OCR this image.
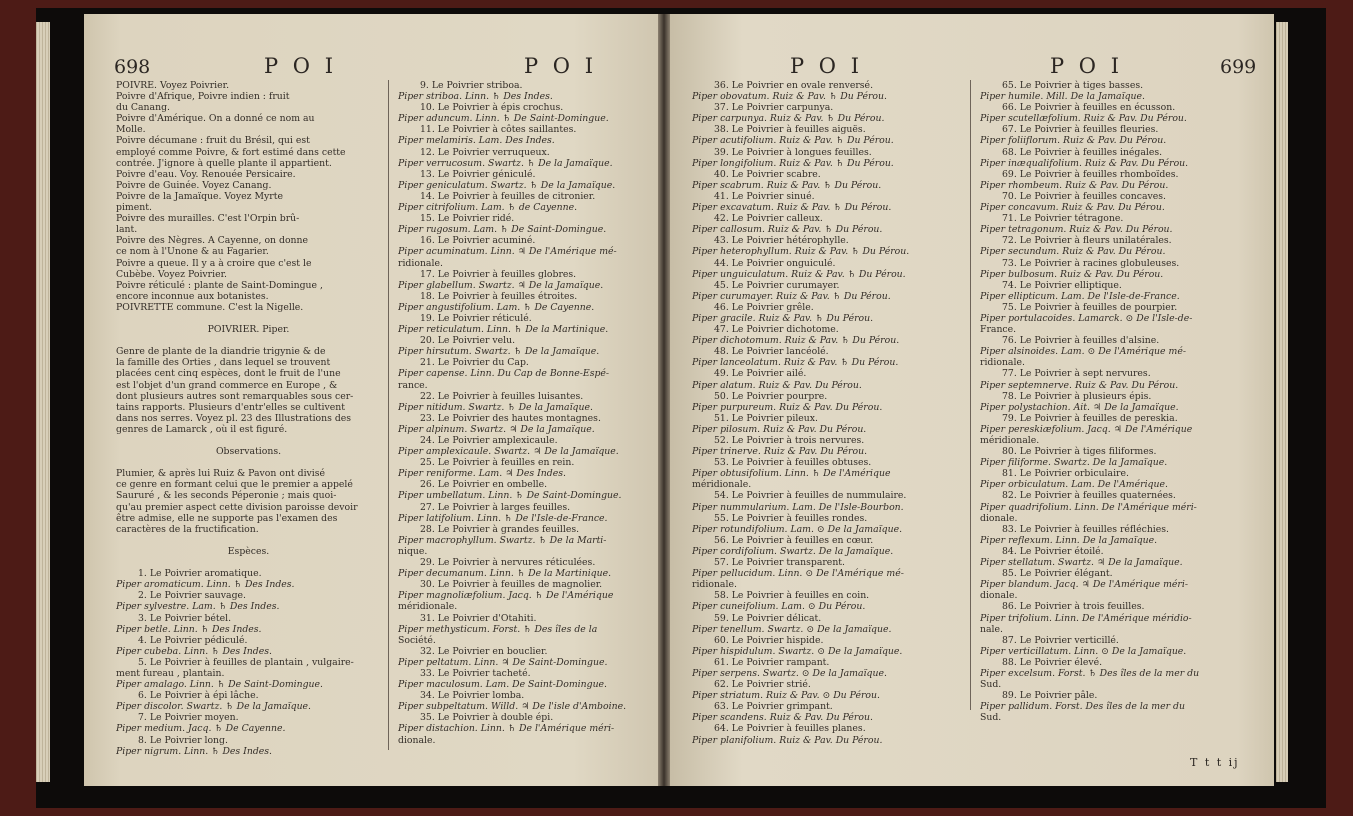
698	P O I	P O I
POIVRE. Voyez Poivrier.
Poivre d'Afrique, Poivre indien : fruit
du Canang.
Poivre d'Amérique. On a donné ce nom au
Molle.
Poivre décumane : fruit du Brésil, qui est
employé comme Poivre, & fort estimé dans cette
contrée. J'ignore à quelle plante il appartient.
Poivre d'eau. Voy. Renouée Persicaire.
Poivre de Guinée. Voyez Canang.
Poivre de la Jamaïque. Voyez Myrte
piment.
Poivre des murailles. C'est l'Orpin brû-
lant.
Poivre des Nègres. A Cayenne, on donne
ce nom à l'Unone & au Fagarier.
Poivre a queue. Il y a à croire que c'est le
Cubèbe. Voyez Poivrier.
Poivre réticulé : plante de Saint-Domingue ,
encore inconnue aux botanistes.
POIVRETTE commune. C'est la Nigelle.

POIVRIER. Piper.

Genre de plante de la diandrie trigynie & de
la famille des Orties , dans lequel se trouvent
placées cent cinq espèces, dont le fruit de l'une
est l'objet d'un grand commerce en Europe , &
dont plusieurs autres sont remarquables sous cer-
tains rapports. Plusieurs d'entr'elles se cultivent
dans nos serres. Voyez pl. 23 des Illustrations des
genres de Lamarck , où il est figuré.

Observations.

Plumier, & après lui Ruiz & Pavon ont divisé
ce genre en formant celui que le premier a appelé
Saururé , & les seconds Péperonie ; mais quoi-
qu'au premier aspect cette division paroisse devoir
être admise, elle ne supporte pas l'examen des
caractères de la fructification.

Espèces.

1. Le Poivrier aromatique.
Piper aromaticum. Linn. ♄ Des Indes.
2. Le Poivrier sauvage.
Piper sylvestre. Lam. ♄ Des Indes.
3. Le Poivrier bétel.
Piper betle. Linn. ♄ Des Indes.
4. Le Poivrier pédiculé.
Piper cubeba. Linn. ♄ Des Indes.
5. Le Poivrier à feuilles de plantain , vulgaire-
ment fureau , plantain.
Piper amalago. Linn. ♄ De Saint-Domingue.
6. Le Poivrier à épi lâche.
Piper discolor. Swartz. ♄ De la Jamaïque.
7. Le Poivrier moyen.
Piper medium. Jacq. ♄ De Cayenne.
8. Le Poivrier long.
Piper nigrum. Linn. ♄ Des Indes.
9. Le Poivrier striboa.
Piper striboa. Linn. ♄ Des Indes.
10. Le Poivrier à épis crochus.
Piper aduncum. Linn. ♄ De Saint-Domingue.
11. Le Poivrier à côtes saillantes.
Piper melamiris. Lam. Des Indes.
12. Le Poivrier verruqueux.
Piper verrucosum. Swartz. ♄ De la Jamaïque.
13. Le Poivrier géniculé.
Piper geniculatum. Swartz. ♄ De la Jamaïque.
14. Le Poivrier à feuilles de citronier.
Piper citrifolium. Lam. ♄ de Cayenne.
15. Le Poivrier ridé.
Piper rugosum. Lam. ♄ De Saint-Domingue.
16. Le Poivrier acuminé.
Piper acuminatum. Linn. ♃ De l'Amérique mé-
ridionale.
17. Le Poivrier à feuilles globres.
Piper glabellum. Swartz. ♃ De la Jamaïque.
18. Le Poivrier à feuilles étroites.
Piper angustifolium. Lam. ♄ De Cayenne.
19. Le Poivrier réticulé.
Piper reticulatum. Linn. ♄ De la Martinique.
20. Le Poivrier velu.
Piper hirsutum. Swartz. ♄ De la Jamaïque.
21. Le Poivrier du Cap.
Piper capense. Linn. Du Cap de Bonne-Espé-
rance.
22. Le Poivrier à feuilles luisantes.
Piper nitidum. Swartz. ♄ De la Jamaïque.
23. Le Poivrier des hautes montagnes.
Piper alpinum. Swartz. ♃ De la Jamaïque.
24. Le Poivrier amplexicaule.
Piper amplexicaule. Swartz. ♃ De la Jamaïque.
25. Le Poivrier à feuilles en rein.
Piper reniforme. Lam. ♃ Des Indes.
26. Le Poivrier en ombelle.
Piper umbellatum. Linn. ♄ De Saint-Domingue.
27. Le Poivrier à larges feuilles.
Piper latifolium. Linn. ♄ De l'Isle-de-France.
28. Le Poivrier à grandes feuilles.
Piper macrophyllum. Swartz. ♄ De la Marti-
nique.
29. Le Poivrier à nervures réticulées.
Piper decumanum. Linn. ♄ De la Martinique.
30. Le Poivrier à feuilles de magnolier.
Piper magnoliæfolium. Jacq. ♄ De l'Amérique
méridionale.
31. Le Poivrier d'Otahiti.
Piper methysticum. Forst. ♄ Des îles de la
Société.
32. Le Poivrier en bouclier.
Piper peltatum. Linn. ♃ De Saint-Domingue.
33. Le Poivrier tacheté.
Piper maculosum. Lam. De Saint-Domingue.
34. Le Poivrier lomba.
Piper subpeltatum. Willd. ♃ De l'isle d'Amboine.
35. Le Poivrier à double épi.
Piper distachion. Linn. ♄ De l'Amérique méri-
dionale.
P O I	P O I	699
36. Le Poivrier en ovale renversé.
Piper obovatum. Ruiz & Pav. ♄ Du Pérou.
37. Le Poivrier carpunya.
Piper carpunya. Ruiz & Pav. ♄ Du Pérou.
38. Le Poivrier à feuilles aiguës.
Piper acutifolium. Ruiz & Pav. ♄ Du Pérou.
39. Le Poivrier à longues feuilles.
Piper longifolium. Ruiz & Pav. ♄ Du Pérou.
40. Le Poivrier scabre.
Piper scabrum. Ruiz & Pav. ♄ Du Pérou.
41. Le Poivrier sinué.
Piper excavatum. Ruiz & Pav. ♄ Du Pérou.
42. Le Poivrier calleux.
Piper callosum. Ruiz & Pav. ♄ Du Pérou.
43. Le Poivrier hétérophylle.
Piper heterophyllum. Ruiz & Pav. ♄ Du Pérou.
44. Le Poivrier onguiculé.
Piper unguiculatum. Ruiz & Pav. ♄ Du Pérou.
45. Le Poivrier curumayer.
Piper curumayer. Ruiz & Pav. ♄ Du Pérou.
46. Le Poivrier grêle.
Piper gracile. Ruiz & Pav. ♄ Du Pérou.
47. Le Poivrier dichotome.
Piper dichotomum. Ruiz & Pav. ♄ Du Pérou.
48. Le Poivrier lancéolé.
Piper lanceolatum. Ruiz & Pav. ♄ Du Pérou.
49. Le Poivrier ailé.
Piper alatum. Ruiz & Pav. Du Pérou.
50. Le Poivrier pourpre.
Piper purpureum. Ruiz & Pav. Du Pérou.
51. Le Poivrier pileux.
Piper pilosum. Ruiz & Pav. Du Pérou.
52. Le Poivrier à trois nervures.
Piper trinerve. Ruiz & Pav. Du Pérou.
53. Le Poivrier à feuilles obtuses.
Piper obtusifolium. Linn. ♄ De l'Amérique
méridionale.
54. Le Poivrier à feuilles de nummulaire.
Piper nummularium. Lam. De l'Isle-Bourbon.
55. Le Poivrier à feuilles rondes.
Piper rotundifolium. Lam. ⊙ De la Jamaïque.
56. Le Poivrier à feuilles en cœur.
Piper cordifolium. Swartz. De la Jamaïque.
57. Le Poivrier transparent.
Piper pellucidum. Linn. ⊙ De l'Amérique mé-
ridionale.
58. Le Poivrier à feuilles en coin.
Piper cuneifolium. Lam. ⊙ Du Pérou.
59. Le Poivrier délicat.
Piper tenellum. Swartz. ⊙ De la Jamaïque.
60. Le Poivrier hispide.
Piper hispidulum. Swartz. ⊙ De la Jamaïque.
61. Le Poivrier rampant.
Piper serpens. Swartz. ⊙ De la Jamaïque.
62. Le Poivrier strié.
Piper striatum. Ruiz & Pav. ⊙ Du Pérou.
63. Le Poivrier grimpant.
Piper scandens. Ruiz & Pav. Du Pérou.
64. Le Poivrier à feuilles planes.
Piper planifolium. Ruiz & Pav. Du Pérou.
65. Le Poivrier à tiges basses.
Piper humile. Mill. De la Jamaïque.
66. Le Poivrier à feuilles en écusson.
Piper scutellæfolium. Ruiz & Pav. Du Pérou.
67. Le Poivrier à feuilles fleuries.
Piper foliiflorum. Ruiz & Pav. Du Pérou.
68. Le Poivrier à feuilles inégales.
Piper inæqualifolium. Ruiz & Pav. Du Pérou.
69. Le Poivrier à feuilles rhomboïdes.
Piper rhombeum. Ruiz & Pav. Du Pérou.
70. Le Poivrier à feuilles concaves.
Piper concavum. Ruiz & Pav. Du Pérou.
71. Le Poivrier tétragone.
Piper tetragonum. Ruiz & Pav. Du Pérou.
72. Le Poivrier à fleurs unilatérales.
Piper secundum. Ruiz & Pav. Du Pérou.
73. Le Poivrier à racines globuleuses.
Piper bulbosum. Ruiz & Pav. Du Pérou.
74. Le Poivrier elliptique.
Piper ellipticum. Lam. De l'Isle-de-France.
75. Le Poivrier à feuilles de pourpier.
Piper portulacoides. Lamarck. ⊙ De l'Isle-de-
France.
76. Le Poivrier à feuilles d'alsine.
Piper alsinoides. Lam. ⊙ De l'Amérique mé-
ridionale.
77. Le Poivrier à sept nervures.
Piper septemnerve. Ruiz & Pav. Du Pérou.
78. Le Poivrier à plusieurs épis.
Piper polystachion. Ait. ♃ De la Jamaïque.
79. Le Poivrier à feuilles de pereskia.
Piper pereskiæfolium. Jacq. ♃ De l'Amérique
méridionale.
80. Le Poivrier à tiges filiformes.
Piper filiforme. Swartz. De la Jamaïque.
81. Le Poivrier orbiculaire.
Piper orbiculatum. Lam. De l'Amérique.
82. Le Poivrier à feuilles quaternées.
Piper quadrifolium. Linn. De l'Amérique méri-
dionale.
83. Le Poivrier à feuilles réfléchies.
Piper reflexum. Linn. De la Jamaïque.
84. Le Poivrier étoilé.
Piper stellatum. Swartz. ♃ De la Jamaïque.
85. Le Poivrier élégant.
Piper blandum. Jacq. ♃ De l'Amérique méri-
dionale.
86. Le Poivrier à trois feuilles.
Piper trifolium. Linn. De l'Amérique méridio-
nale.
87. Le Poivrier verticillé.
Piper verticillatum. Linn. ⊙ De la Jamaïque.
88. Le Poivrier élevé.
Piper excelsum. Forst. ♄ Des îles de la mer du
Sud.
89. Le Poivrier pâle.
Piper pallidum. Forst. Des îles de la mer du
Sud.
T t t ij
